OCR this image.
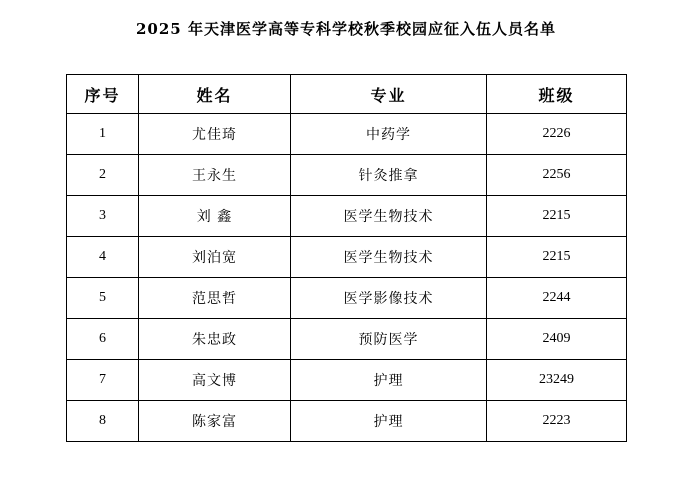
2025 年天津医学高等专科学校秋季校园应征入伍人员名单
序号	姓名	专业	班级
1	尤佳琦	中药学	2226
2	王永生	针灸推拿	2256
3	刘 鑫	医学生物技术	2215
4	刘泊宽	医学生物技术	2215
5	范思哲	医学影像技术	2244
6	朱忠政	预防医学	2409
7	高文博	护理	23249
8	陈家富	护理	2223
